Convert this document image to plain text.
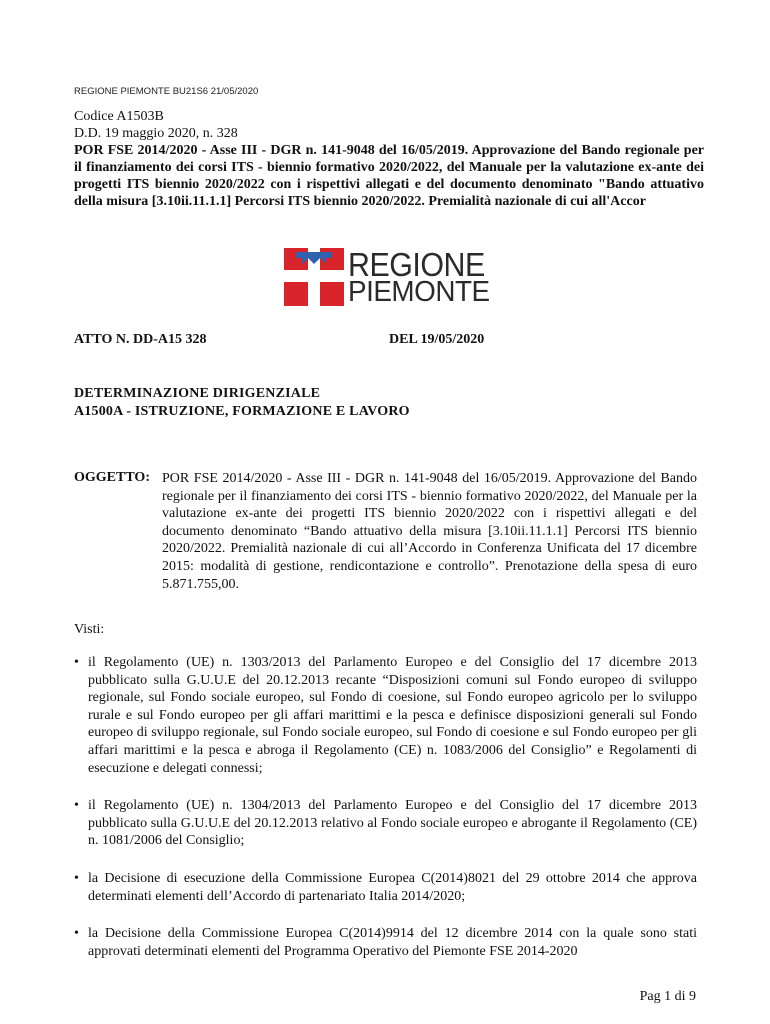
REGIONE PIEMONTE BU21S6 21/05/2020
Codice A1503B
D.D. 19 maggio 2020, n. 328
POR FSE 2014/2020 - Asse III - DGR n. 141-9048 del 16/05/2019. Approvazione del Bando regionale per il finanziamento dei corsi ITS - biennio formativo 2020/2022, del Manuale per la valutazione ex-ante dei progetti ITS biennio 2020/2022 con i rispettivi allegati e del documento denominato "Bando attuativo della misura [3.10ii.11.1.1] Percorsi ITS biennio 2020/2022. Premialità nazionale di cui all'Accor
REGIONE
PIEMONTE
ATTO N. DD-A15 328	DEL 19/05/2020
DETERMINAZIONE DIRIGENZIALE
A1500A - ISTRUZIONE, FORMAZIONE E LAVORO
OGGETTO: POR FSE 2014/2020 - Asse III - DGR n. 141-9048 del 16/05/2019. Approvazione del Bando regionale per il finanziamento dei corsi ITS - biennio formativo 2020/2022, del Manuale per la valutazione ex-ante dei progetti ITS biennio 2020/2022 con i rispettivi allegati e del documento denominato “Bando attuativo della misura [3.10ii.11.1.1] Percorsi ITS biennio 2020/2022. Premialità nazionale di cui all’Accordo in Conferenza Unificata del 17 dicembre 2015: modalità di gestione, rendicontazione e controllo”. Prenotazione della spesa di euro 5.871.755,00.
Visti:
• il Regolamento (UE) n. 1303/2013 del Parlamento Europeo e del Consiglio del 17 dicembre 2013 pubblicato sulla G.U.U.E del 20.12.2013 recante “Disposizioni comuni sul Fondo europeo di sviluppo regionale, sul Fondo sociale europeo, sul Fondo di coesione, sul Fondo europeo agricolo per lo sviluppo rurale e sul Fondo europeo per gli affari marittimi e la pesca e definisce disposizioni generali sul Fondo europeo di sviluppo regionale, sul Fondo sociale europeo, sul Fondo di coesione e sul Fondo europeo per gli affari marittimi e la pesca e abroga il Regolamento (CE) n. 1083/2006 del Consiglio” e Regolamenti di esecuzione e delegati connessi;
• il Regolamento (UE) n. 1304/2013 del Parlamento Europeo e del Consiglio del 17 dicembre 2013 pubblicato sulla G.U.U.E del 20.12.2013 relativo al Fondo sociale europeo e abrogante il Regolamento (CE) n. 1081/2006 del Consiglio;
• la Decisione di esecuzione della Commissione Europea C(2014)8021 del 29 ottobre 2014 che approva determinati elementi dell’Accordo di partenariato Italia 2014/2020;
• la Decisione della Commissione Europea C(2014)9914 del 12 dicembre 2014 con la quale sono stati approvati determinati elementi del Programma Operativo del Piemonte FSE 2014-2020
Pag 1 di 9
